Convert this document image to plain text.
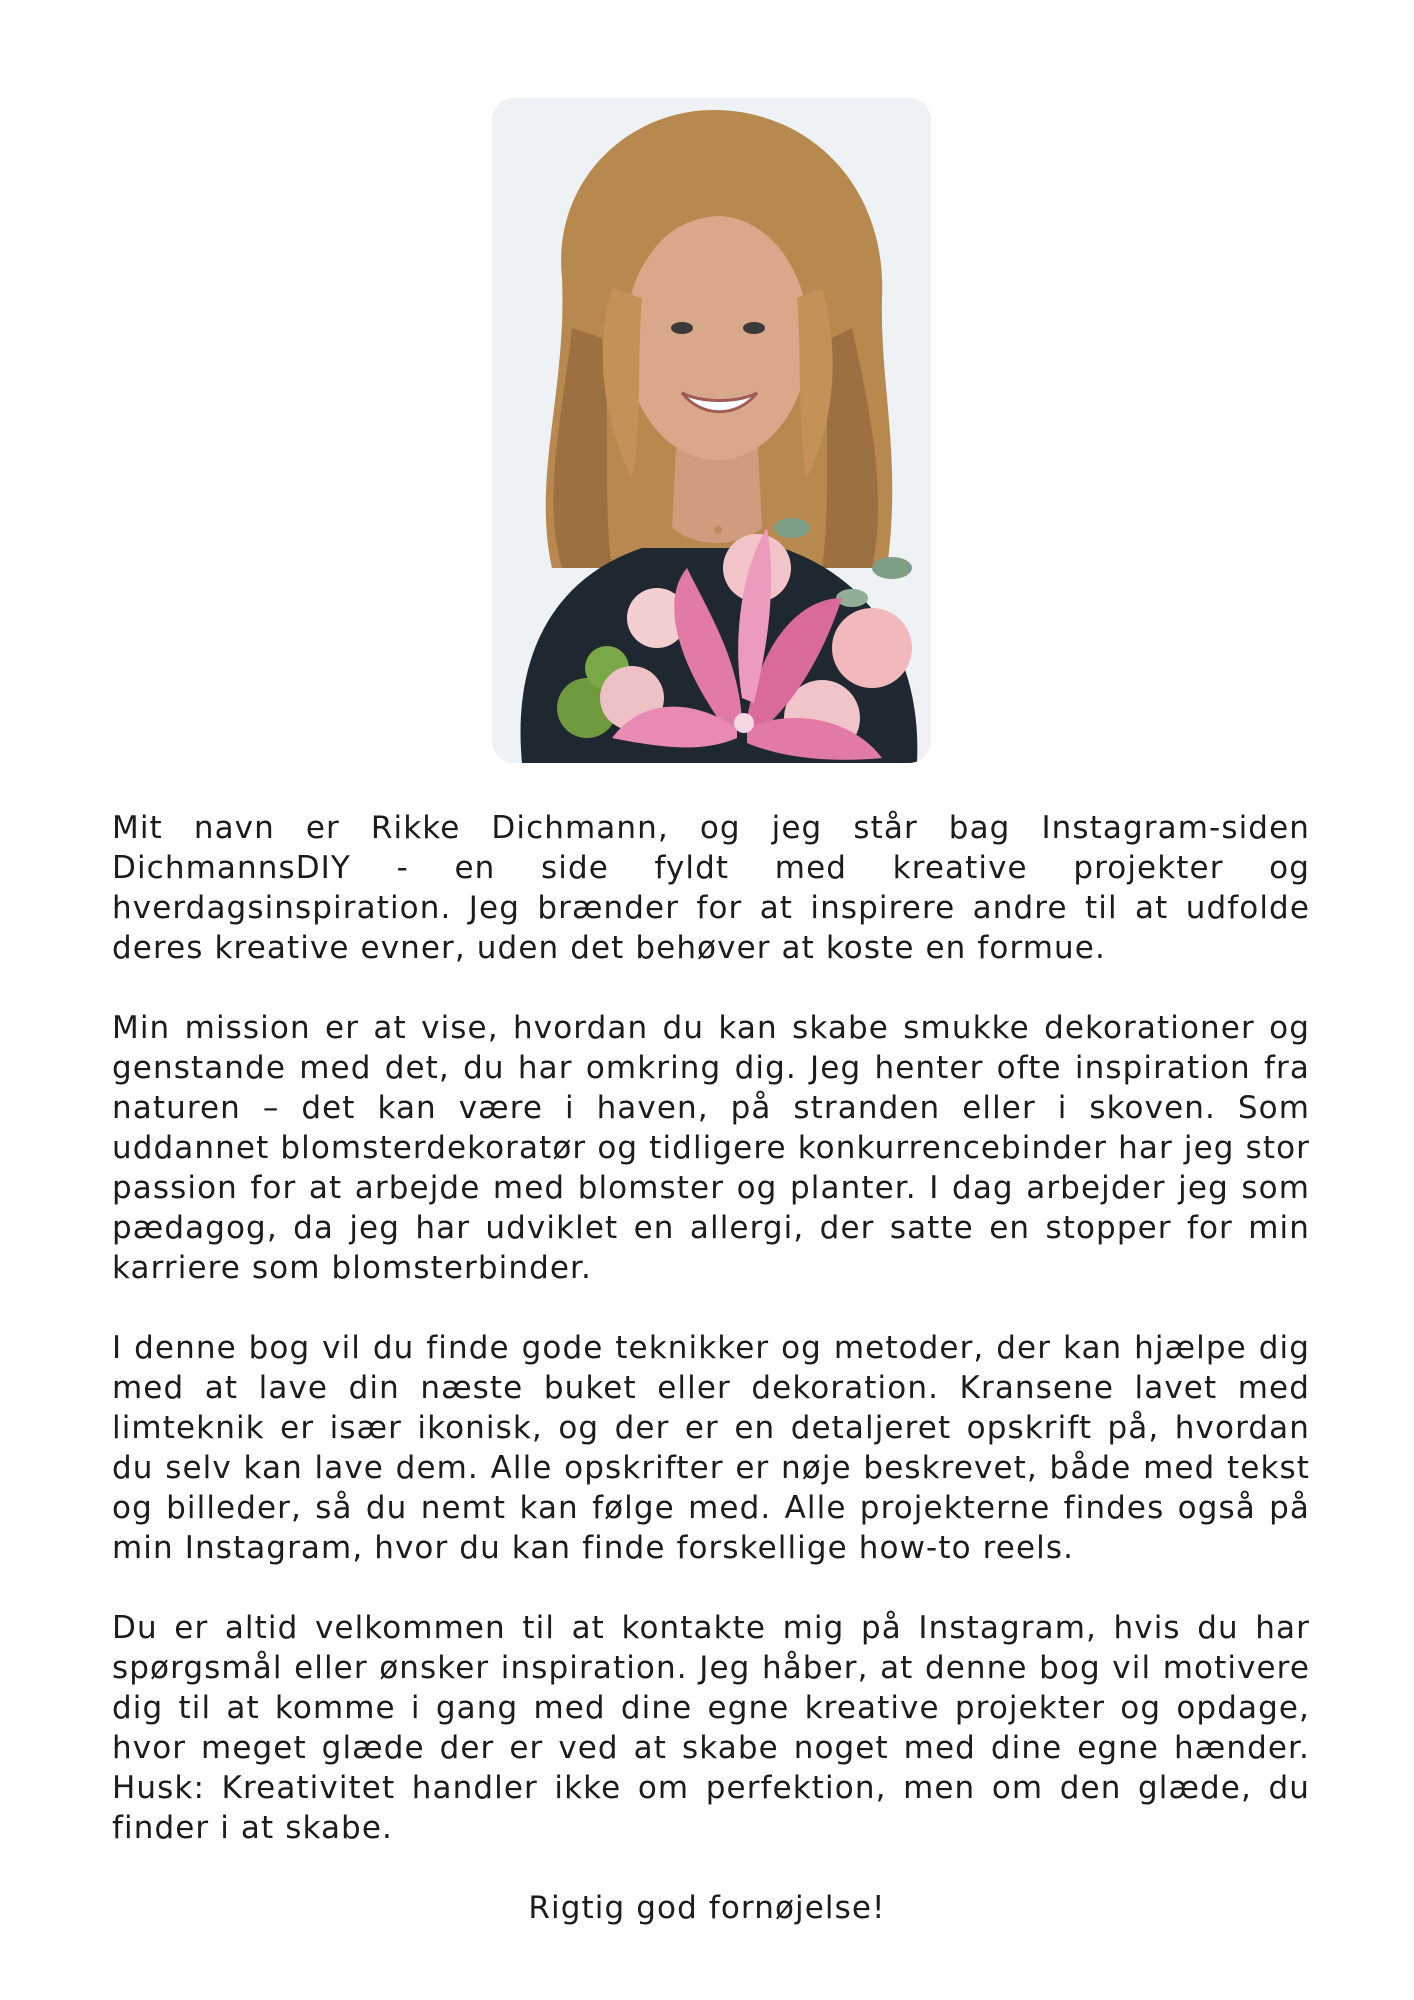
Mit navn er Rikke Dichmann, og jeg står bag Instagram-siden DichmannsDIY - en side fyldt med kreative projekter og hverdagsinspiration. Jeg brænder for at inspirere andre til at udfolde deres kreative evner, uden det behøver at koste en formue.

Min mission er at vise, hvordan du kan skabe smukke dekorationer og genstande med det, du har omkring dig. Jeg henter ofte inspiration fra naturen – det kan være i haven, på stranden eller i skoven. Som uddannet blomsterdekoratør og tidligere konkurrencebinder har jeg stor passion for at arbejde med blomster og planter. I dag arbejder jeg som pædagog, da jeg har udviklet en allergi, der satte en stopper for min karriere som blomsterbinder.

I denne bog vil du finde gode teknikker og metoder, der kan hjælpe dig med at lave din næste buket eller dekoration. Kransene lavet med limteknik er især ikonisk, og der er en detaljeret opskrift på, hvordan du selv kan lave dem. Alle opskrifter er nøje beskrevet, både med tekst og billeder, så du nemt kan følge med. Alle projekterne findes også på min Instagram, hvor du kan finde forskellige how-to reels.

Du er altid velkommen til at kontakte mig på Instagram, hvis du har spørgsmål eller ønsker inspiration. Jeg håber, at denne bog vil motivere dig til at komme i gang med dine egne kreative projekter og opdage, hvor meget glæde der er ved at skabe noget med dine egne hænder. Husk: Kreativitet handler ikke om perfektion, men om den glæde, du finder i at skabe.

Rigtig god fornøjelse!
